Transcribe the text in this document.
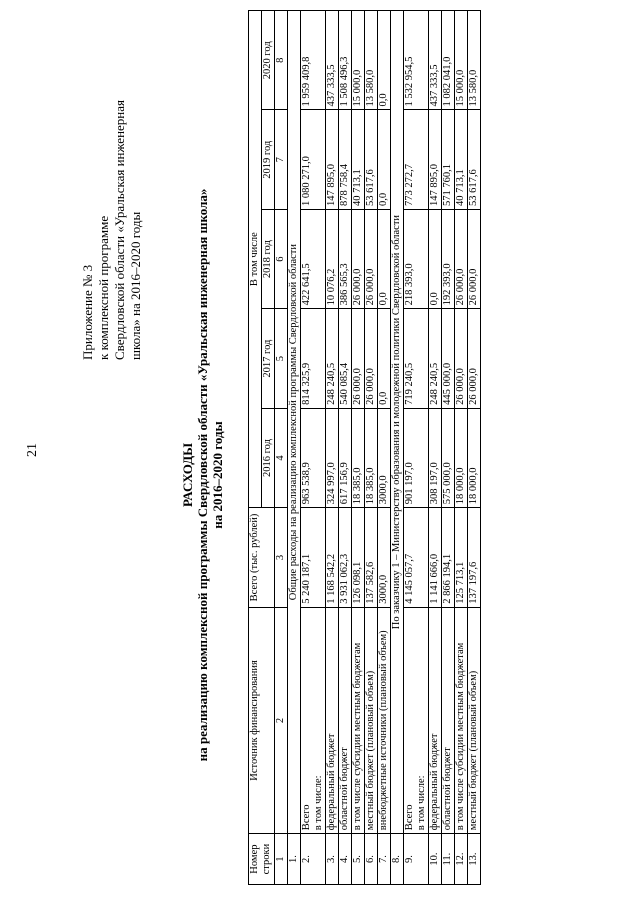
21
Приложение № 3 к комплексной программе Свердловской области «Уральская инженерная школа» на 2016–2020 годы
РАСХОДЫ на реализацию комплексной программы Свердловской области «Уральская инженерная школа» на 2016–2020 годы
Номер строки	Источник финансирования	Всего (тыс. рублей)	В том числе				
			2016 год	2017 год	2018 год	2019 год	2020 год
1	2	3	4	5	6	7	8
1.	Общие расходы на реализацию комплексной программы Свердловской области						
2.	Всего в том числе:	5 240 187,1	963 538,9	814 325,9	422 641,5	1 080 271,0	1 959 409,8
3.	федеральный бюджет	1 168 542,2	324 997,0	248 240,5	10 076,2	147 895,0	437 333,5
4.	областной бюджет	3 931 062,3	617 156,9	540 085,4	386 565,3	878 758,4	1 508 496,3
5.	в том числе субсидии местным бюджетам	126 098,1	18 385,0	26 000,0	26 000,0	40 713,1	15 000,0
6.	местный бюджет (плановый объем)	137 582,6	18 385,0	26 000,0	26 000,0	53 617,6	13 580,0
7.	внебюджетные источники (плановый объем)	3000,0	3000,0	0,0	0,0	0,0	0,0
8.	По заказчику 1 – Министерству образования и молодежной политики Свердловской области						
9.	Всего в том числе:	4 145 057,7	901 197,0	719 240,5	218 393,0	773 272,7	1 532 954,5
10.	федеральный бюджет	1 141 666,0	308 197,0	248 240,5	0,0	147 895,0	437 333,5
11.	областной бюджет	2 866 194,1	575 000,0	445 000,0	192 393,0	571 760,1	1 082 041,0
12.	в том числе субсидии местным бюджетам	125 713,1	18 000,0	26 000,0	26 000,0	40 713,1	15 000,0
13.	местный бюджет (плановый объем)	137 197,6	18 000,0	26 000,0	26 000,0	53 617,6	13 580,0
